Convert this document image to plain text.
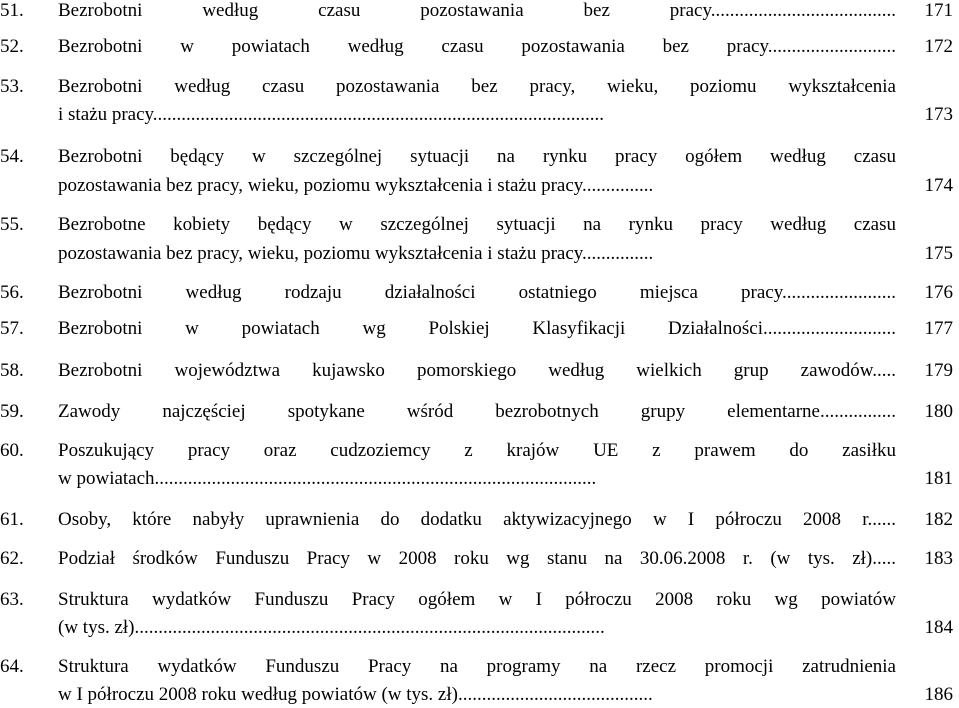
51.	Bezrobotni według czasu pozostawania bez pracy.......................................	171
52.	Bezrobotni w powiatach według czasu pozostawania bez pracy...........................	172
53.	Bezrobotni według czasu pozostawania bez pracy, wieku, poziomu wykształcenia
i stażu pracy...............................................................................................	173
54.	Bezrobotni będący w szczególnej sytuacji na rynku pracy ogółem według czasu
pozostawania bez pracy, wieku, poziomu wykształcenia i stażu pracy...............	174
55.	Bezrobotne kobiety będący w szczególnej sytuacji na rynku pracy według czasu
pozostawania bez pracy, wieku, poziomu wykształcenia i stażu pracy...............	175
56.	Bezrobotni według rodzaju działalności ostatniego miejsca pracy........................	176
57.	Bezrobotni w powiatach wg Polskiej Klasyfikacji Działalności............................	177
58.	Bezrobotni województwa kujawsko pomorskiego według wielkich grup zawodów.....	179
59.	Zawody najczęściej spotykane wśród bezrobotnych grupy elementarne................	180
60.	Poszukujący pracy oraz cudzoziemcy z krajów UE z prawem do zasiłku
w powiatach.............................................................................................	181
61.	Osoby, które nabyły uprawnienia do dodatku aktywizacyjnego w I półroczu 2008 r......	182
62.	Podział środków Funduszu Pracy w 2008 roku wg stanu na 30.06.2008 r. (w tys. zł).....	183
63.	Struktura wydatków Funduszu Pracy ogółem w I półroczu 2008 roku wg powiatów
(w tys. zł)...................................................................................................	184
64.	Struktura wydatków Funduszu Pracy na programy na rzecz promocji zatrudnienia
w I półroczu 2008 roku według powiatów (w tys. zł).........................................	186
